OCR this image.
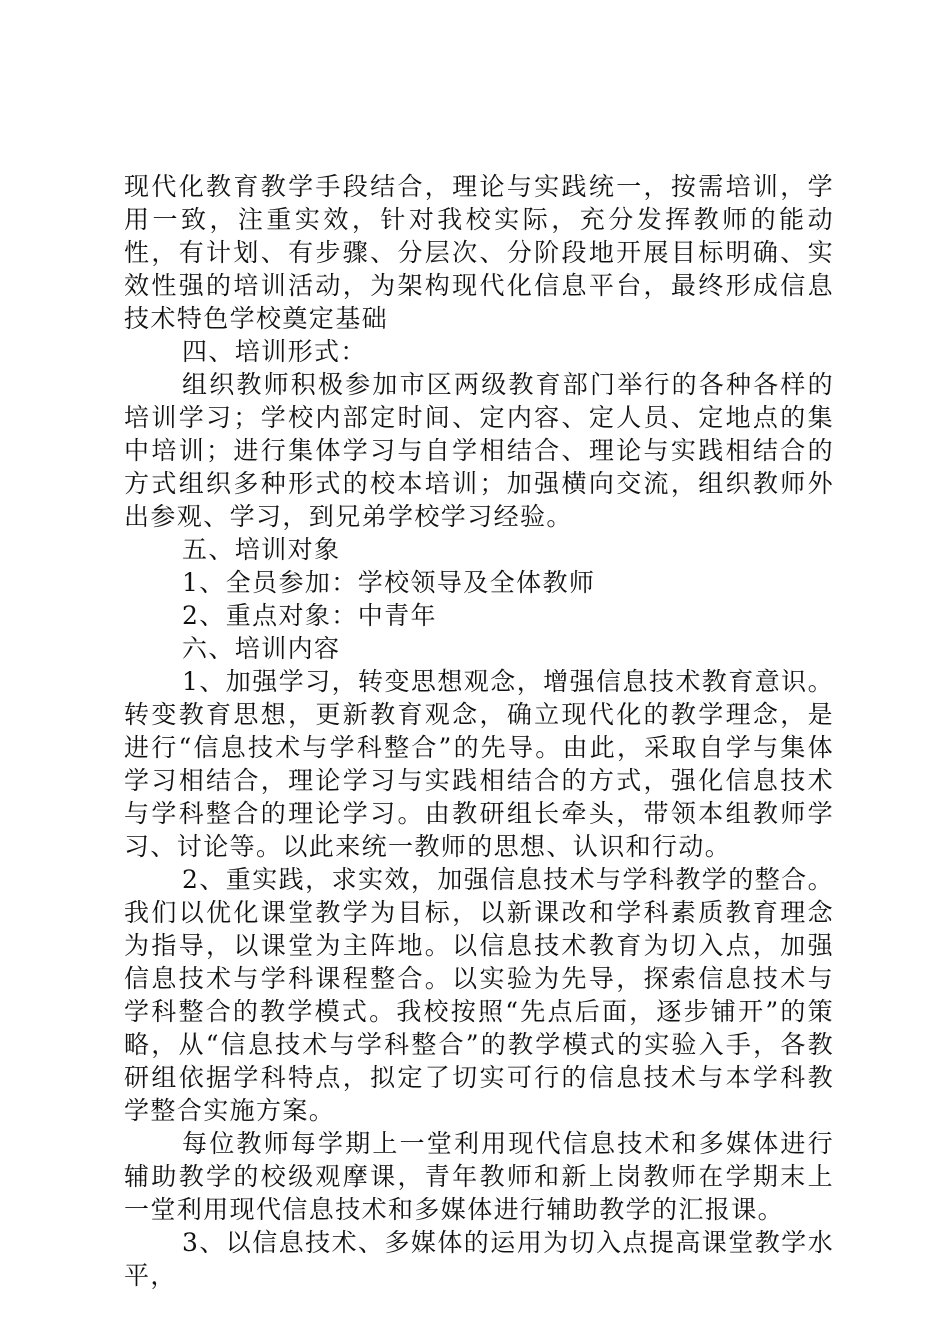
现代化教育教学手段结合，理论与实践统一，按需培训，学用一致，注重实效，针对我校实际，充分发挥教师的能动性，有计划、有步骤、分层次、分阶段地开展目标明确、实效性强的培训活动，为架构现代化信息平台，最终形成信息技术特色学校奠定基础

四、培训形式：

组织教师积极参加市区两级教育部门举行的各种各样的培训学习；学校内部定时间、定内容、定人员、定地点的集中培训；进行集体学习与自学相结合、理论与实践相结合的方式组织多种形式的校本培训；加强横向交流，组织教师外出参观、学习，到兄弟学校学习经验。

五、培训对象

1、全员参加：学校领导及全体教师

2、重点对象：中青年

六、培训内容

1、加强学习，转变思想观念，增强信息技术教育意识。转变教育思想，更新教育观念，确立现代化的教学理念，是进行“信息技术与学科整合”的先导。由此，采取自学与集体学习相结合，理论学习与实践相结合的方式，强化信息技术与学科整合的理论学习。由教研组长牵头，带领本组教师学习、讨论等。以此来统一教师的思想、认识和行动。

2、重实践，求实效，加强信息技术与学科教学的整合。我们以优化课堂教学为目标，以新课改和学科素质教育理念为指导，以课堂为主阵地。以信息技术教育为切入点，加强信息技术与学科课程整合。以实验为先导，探索信息技术与学科整合的教学模式。我校按照“先点后面，逐步铺开”的策略，从“信息技术与学科整合”的教学模式的实验入手，各教研组依据学科特点，拟定了切实可行的信息技术与本学科教学整合实施方案。

每位教师每学期上一堂利用现代信息技术和多媒体进行辅助教学的校级观摩课，青年教师和新上岗教师在学期末上一堂利用现代信息技术和多媒体进行辅助教学的汇报课。

3、以信息技术、多媒体的运用为切入点提高课堂教学水平，
